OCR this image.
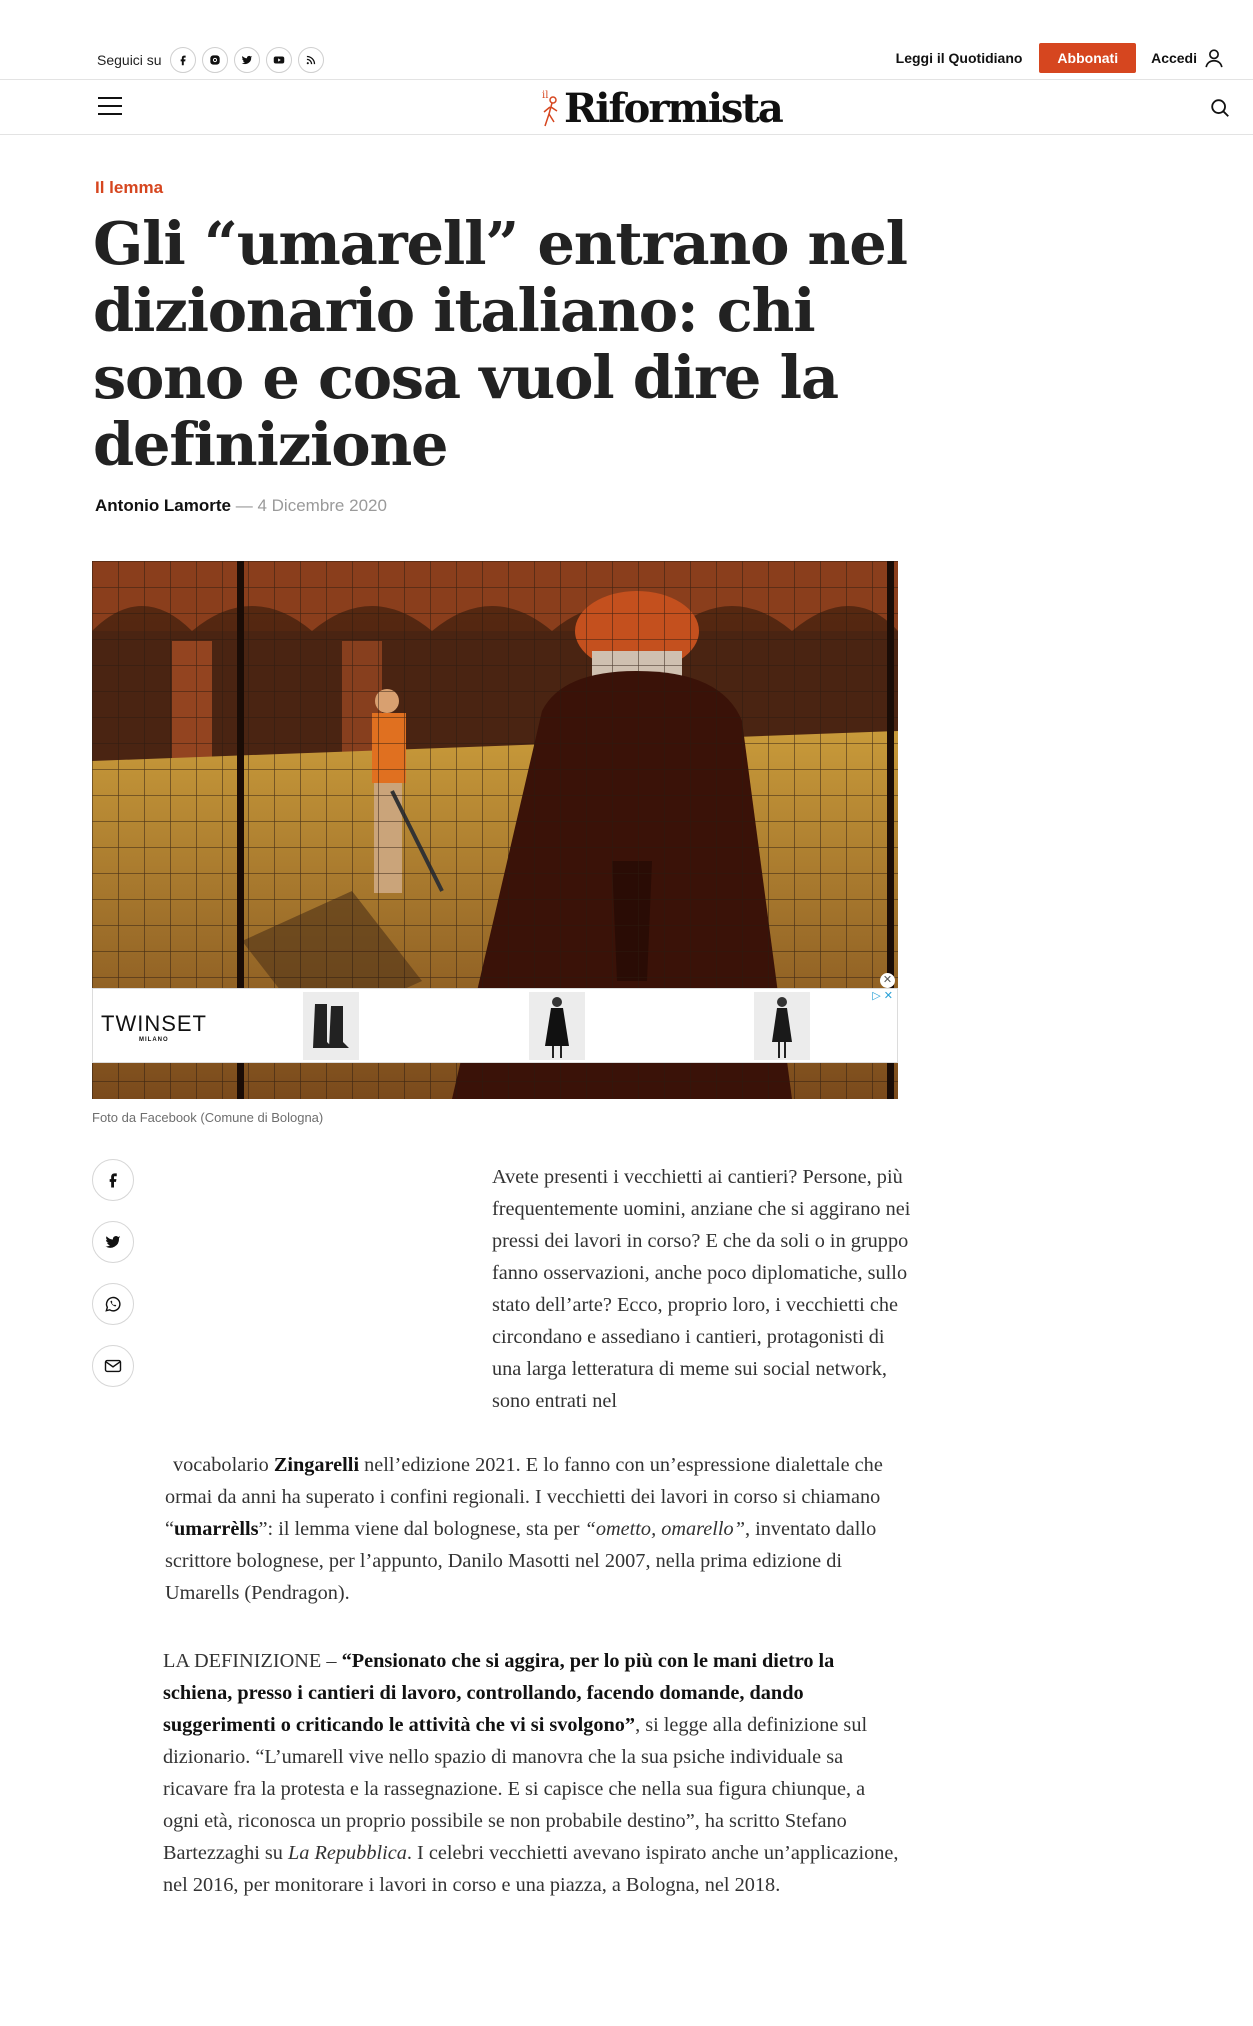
Seguici su	Leggi il Quotidiano	Abbonati	Accedi
il Riformista
Il lemma
Gli “umarell” entrano nel dizionario italiano: chi sono e cosa vuol dire la definizione
Antonio Lamorte — 4 Dicembre 2020
✕
TWINSET
MILANO
▷ ✕
Foto da Facebook (Comune di Bologna)

Avete presenti i vecchietti ai cantieri? Persone, più frequentemente uomini, anziane che si aggirano nei pressi dei lavori in corso? E che da soli o in gruppo fanno osservazioni, anche poco diplomatiche, sullo stato dell’arte? Ecco, proprio loro, i vecchietti che circondano e assediano i cantieri, protagonisti di una larga letteratura di meme sui social network, sono entrati nel

vocabolario Zingarelli nell’edizione 2021. E lo fanno con un’espressione dialettale che ormai da anni ha superato i confini regionali. I vecchietti dei lavori in corso si chiamano “umarrèlls”: il lemma viene dal bolognese, sta per “ometto, omarello”, inventato dallo scrittore bolognese, per l’appunto, Danilo Masotti nel 2007, nella prima edizione di Umarells (Pendragon).

LA DEFINIZIONE – “Pensionato che si aggira, per lo più con le mani dietro la schiena, presso i cantieri di lavoro, controllando, facendo domande, dando suggerimenti o criticando le attività che vi si svolgono”, si legge alla definizione sul dizionario. “L’umarell vive nello spazio di manovra che la sua psiche individuale sa ricavare fra la protesta e la rassegnazione. E si capisce che nella sua figura chiunque, a ogni età, riconosca un proprio possibile se non probabile destino”, ha scritto Stefano Bartezzaghi su La Repubblica. I celebri vecchietti avevano ispirato anche un’applicazione, nel 2016, per monitorare i lavori in corso e una piazza, a Bologna, nel 2018.
